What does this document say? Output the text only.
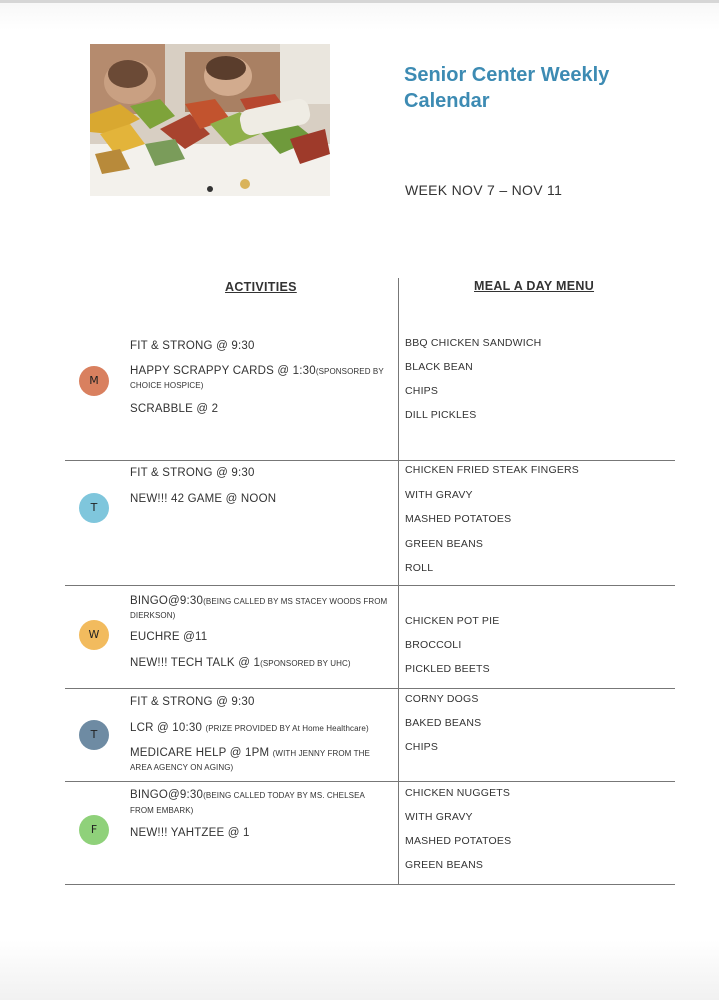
Senior Center Weekly
Calendar
WEEK NOV 7 – NOV 11
ACTIVITIES	MEAL A DAY MENU
M
FIT & STRONG @ 9:30
HAPPY SCRAPPY CARDS @ 1:30(SPONSORED BY
CHOICE HOSPICE)
SCRABBLE @ 2
BBQ CHICKEN SANDWICH
BLACK BEAN
CHIPS
DILL PICKLES
T
FIT & STRONG @ 9:30
NEW!!! 42 GAME @ NOON
CHICKEN FRIED STEAK FINGERS
WITH GRAVY
MASHED POTATOES
GREEN BEANS
ROLL
W
BINGO@9:30(BEING CALLED BY MS STACEY WOODS FROM
DIERKSON)
EUCHRE @11
NEW!!! TECH TALK @ 1(SPONSORED BY UHC)
CHICKEN POT PIE
BROCCOLI
PICKLED BEETS
T
FIT & STRONG @ 9:30
LCR @ 10:30 (PRIZE PROVIDED BY At Home Healthcare)
MEDICARE HELP @ 1PM (WITH JENNY FROM THE
AREA AGENCY ON AGING)
CORNY DOGS
BAKED BEANS
CHIPS
F
BINGO@9:30(BEING CALLED TODAY BY MS. CHELSEA
FROM EMBARK)
NEW!!! YAHTZEE @ 1
CHICKEN NUGGETS
WITH GRAVY
MASHED POTATOES
GREEN BEANS
